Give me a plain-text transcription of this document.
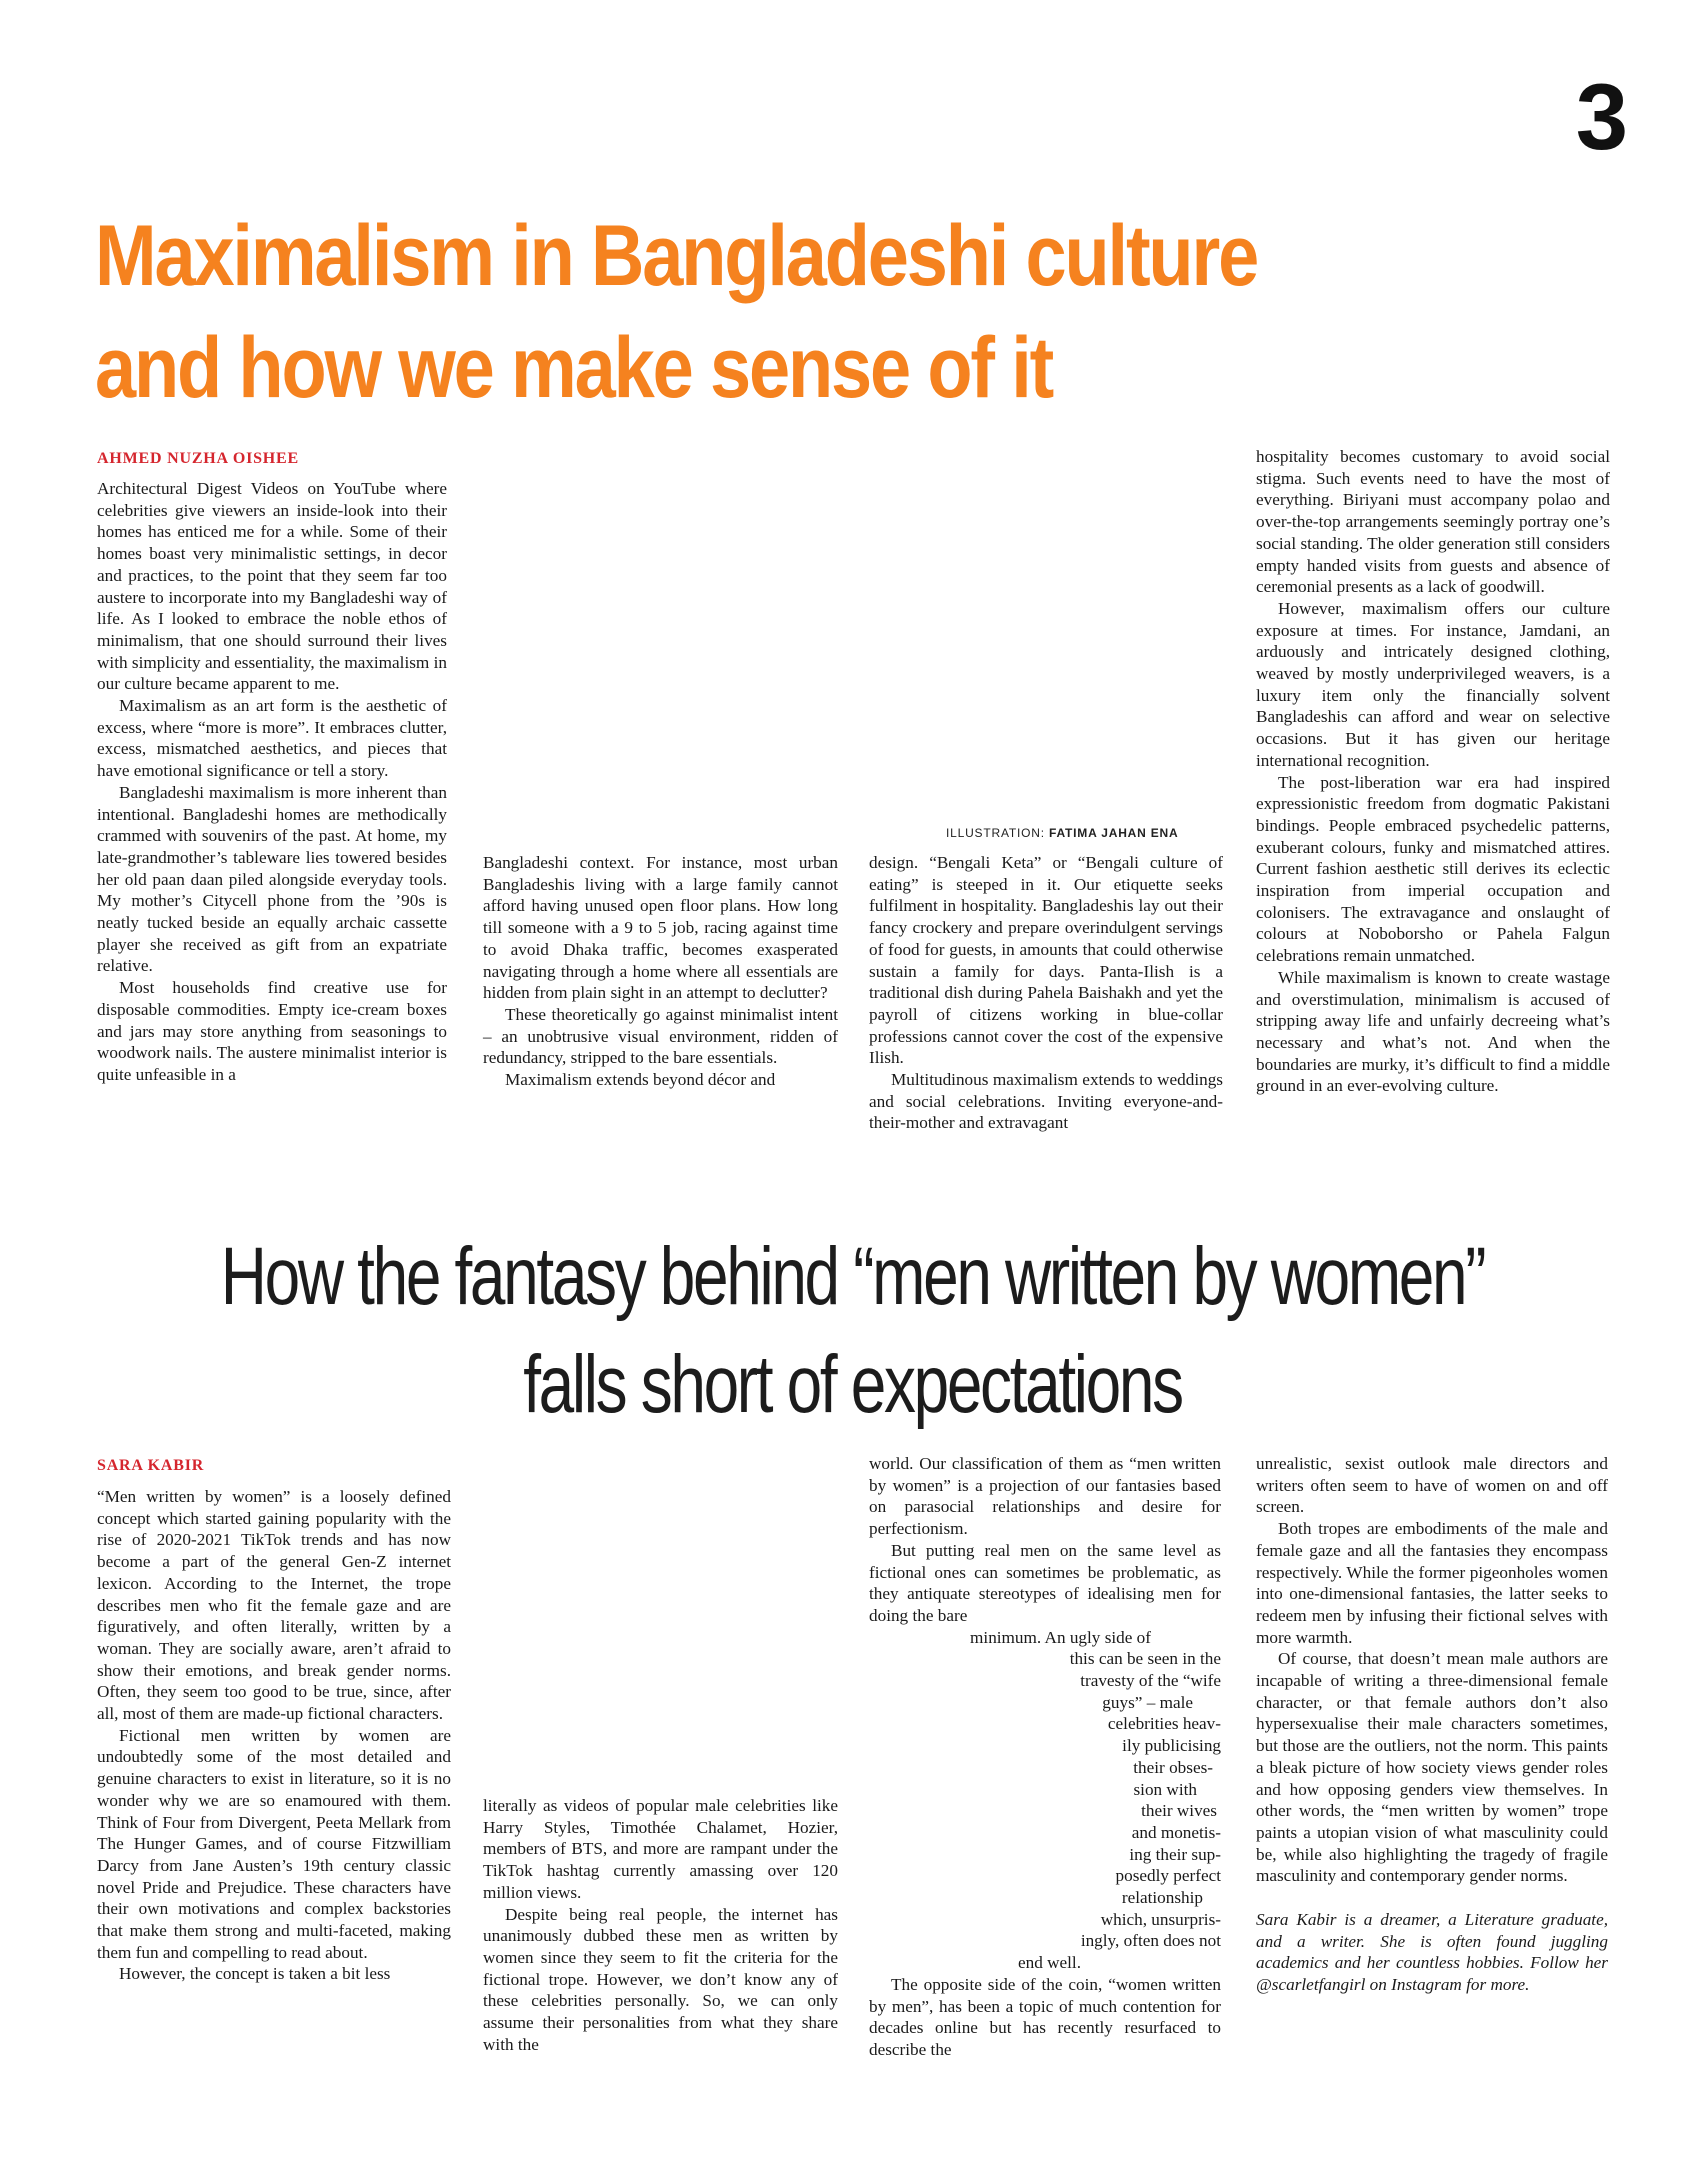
3
Maximalism in Bangladeshi culture
and how we make sense of it
AHMED NUZHA OISHEE

Architectural Digest Videos on YouTube where celebrities give viewers an inside-look into their homes has enticed me for a while. Some of their homes boast very minimalistic settings, in decor and practices, to the point that they seem far too austere to incorporate into my Bangladeshi way of life. As I looked to embrace the noble ethos of minimalism, that one should surround their lives with simplicity and essentiality, the maximalism in our culture became apparent to me.

Maximalism as an art form is the aesthetic of excess, where “more is more”. It embraces clutter, excess, mismatched aesthetics, and pieces that have emotional significance or tell a story.

Bangladeshi maximalism is more inherent than intentional. Bangladeshi homes are methodically crammed with souvenirs of the past. At home, my late-grandmother’s tableware lies towered besides her old paan daan piled alongside everyday tools. My mother’s Citycell phone from the ’90s is neatly tucked beside an equally archaic cassette player she received as gift from an expatriate relative.

Most households find creative use for disposable commodities. Empty ice-cream boxes and jars may store anything from seasonings to woodwork nails. The austere minimalist interior is quite unfeasible in a

ILLUSTRATION: FATIMA JAHAN ENA

Bangladeshi context. For instance, most urban Bangladeshis living with a large family cannot afford having unused open floor plans. How long till someone with a 9 to 5 job, racing against time to avoid Dhaka traffic, becomes exasperated navigating through a home where all essentials are hidden from plain sight in an attempt to declutter?

These theoretically go against minimalist intent – an unobtrusive visual environment, ridden of redundancy, stripped to the bare essentials.

Maximalism extends beyond décor and

design. “Bengali Keta” or “Bengali culture of eating” is steeped in it. Our etiquette seeks fulfilment in hospitality. Bangladeshis lay out their fancy crockery and prepare overindulgent servings of food for guests, in amounts that could otherwise sustain a family for days. Panta-Ilish is a traditional dish during Pahela Baishakh and yet the payroll of citizens working in blue-collar professions cannot cover the cost of the expensive Ilish.

Multitudinous maximalism extends to weddings and social celebrations. Inviting everyone-and-their-mother and extravagant

hospitality becomes customary to avoid social stigma. Such events need to have the most of everything. Biriyani must accompany polao and over-the-top arrangements seemingly portray one’s social standing. The older generation still considers empty handed visits from guests and absence of ceremonial presents as a lack of goodwill.

However, maximalism offers our culture exposure at times. For instance, Jamdani, an arduously and intricately designed clothing, weaved by mostly underprivileged weavers, is a luxury item only the financially solvent Bangladeshis can afford and wear on selective occasions. But it has given our heritage international recognition.

The post-liberation war era had inspired expressionistic freedom from dogmatic Pakistani bindings. People embraced psychedelic patterns, exuberant colours, funky and mismatched attires. Current fashion aesthetic still derives its eclectic inspiration from imperial occupation and colonisers. The extravagance and onslaught of colours at Noboborsho or Pahela Falgun celebrations remain unmatched.

While maximalism is known to create wastage and overstimulation, minimalism is accused of stripping away life and unfairly decreeing what’s necessary and what’s not. And when the boundaries are murky, it’s difficult to find a middle ground in an ever-evolving culture.

How the fantasy behind “men written by women”
falls short of expectations
SARA KABIR

“Men written by women” is a loosely defined concept which started gaining popularity with the rise of 2020-2021 TikTok trends and has now become a part of the general Gen-Z internet lexicon. According to the Internet, the trope describes men who fit the female gaze and are figuratively, and often literally, written by a woman. They are socially aware, aren’t afraid to show their emotions, and break gender norms. Often, they seem too good to be true, since, after all, most of them are made-up fictional characters.

Fictional men written by women are undoubtedly some of the most detailed and genuine characters to exist in literature, so it is no wonder why we are so enamoured with them. Think of Four from Divergent, Peeta Mellark from The Hunger Games, and of course Fitzwilliam Darcy from Jane Austen’s 19th century classic novel Pride and Prejudice. These characters have their own motivations and complex backstories that make them strong and multi-faceted, making them fun and compelling to read about.

However, the concept is taken a bit less

literally as videos of popular male celebrities like Harry Styles, Timothée Chalamet, Hozier, members of BTS, and more are rampant under the TikTok hashtag currently amassing over 120 million views.

Despite being real people, the internet has unanimously dubbed these men as written by women since they seem to fit the criteria for the fictional trope. However, we don’t know any of these celebrities personally. So, we can only assume their personalities from what they share with the

world. Our classification of them as “men written by women” is a projection of our fantasies based on parasocial relationships and desire for perfectionism.

But putting real men on the same level as fictional ones can sometimes be problematic, as they antiquate stereotypes of idealising men for doing the bare

minimum. An ugly side of

this can be seen in the

travesty of the “wife

guys” – male

celebrities heav-

ily publicising

their obses-

sion with

their wives

and monetis-

ing their sup-

posedly perfect

relationship

which, unsurpris-

ingly, often does not

end well.

The opposite side of the coin, “women written by men”, has been a topic of much contention for decades online but has recently resurfaced to describe the

unrealistic, sexist outlook male directors and writers often seem to have of women on and off screen.

Both tropes are embodiments of the male and female gaze and all the fantasies they encompass respectively. While the former pigeonholes women into one-dimensional fantasies, the latter seeks to redeem men by infusing their fictional selves with more warmth.

Of course, that doesn’t mean male authors are incapable of writing a three-dimensional female character, or that female authors don’t also hypersexualise their male characters sometimes, but those are the outliers, not the norm. This paints a bleak picture of how society views gender roles and how opposing genders view themselves. In other words, the “men written by women” trope paints a utopian vision of what masculinity could be, while also highlighting the tragedy of fragile masculinity and contemporary gender norms.

Sara Kabir is a dreamer, a Literature graduate, and a writer. She is often found juggling academics and her countless hobbies. Follow her @scarletfangirl on Instagram for more.
